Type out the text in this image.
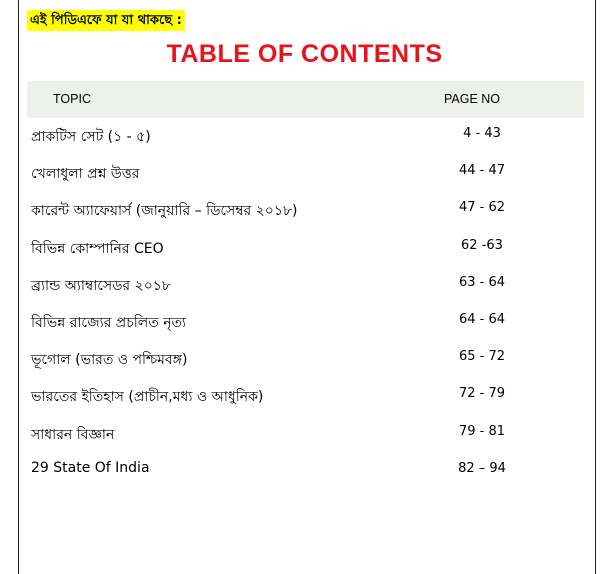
এই পিডিএফে যা যা থাকছে :
TABLE OF CONTENTS
TOPIC	PAGE NO
প্রাকটিস সেট (১ - ৫)	4 - 43
খেলাধুলা প্রশ্ন উত্তর	44 - 47
কারেন্ট অ্যাফেয়ার্স (জানুয়ারি – ডিসেম্বর ২০১৮)	47 - 62
বিভিন্ন কোম্পানির CEO	62 -63
ব্র্যান্ড অ্যাম্বাসেডর ২০১৮	63 - 64
বিভিন্ন রাজ্যের প্রচলিত নৃত্য	64 - 64
ভূগোল (ভারত ও পশ্চিমবঙ্গ)	65 - 72
ভারতের ইতিহাস (প্রাচীন,মধ্য ও আধুনিক)	72 - 79
সাধারন বিজ্ঞান	79 - 81
29 State Of India	82 – 94
